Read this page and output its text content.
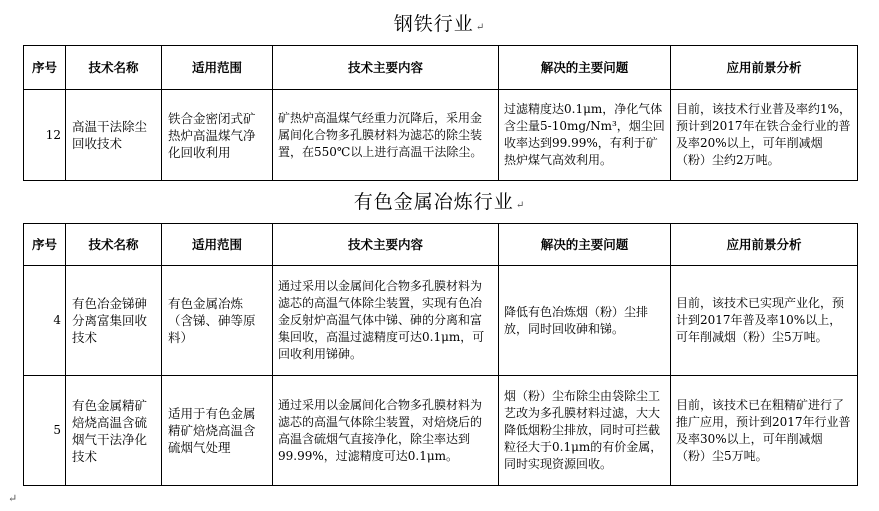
钢铁行业 ↵
序号	技术名称	适用范围	技术主要内容	解决的主要问题	应用前景分析
12	高温干法除尘回收技术	铁合金密闭式矿热炉高温煤气净化回收利用	矿热炉高温煤气经重力沉降后，采用金属间化合物多孔膜材料为滤芯的除尘装置，在550℃以上进行高温干法除尘。	过滤精度达0.1μm，净化气体含尘量5-10mg/Nm³，烟尘回收率达到99.99%，有利于矿热炉煤气高效利用。	目前，该技术行业普及率约1%，预计到2017年在铁合金行业的普及率20%以上，可年削减烟（粉）尘约2万吨。
有色金属冶炼行业 ↵
序号	技术名称	适用范围	技术主要内容	解决的主要问题	应用前景分析
4	有色冶金锑砷分离富集回收技术	有色金属冶炼（含锑、砷等原料）	通过采用以金属间化合物多孔膜材料为滤芯的高温气体除尘装置，实现有色冶金反射炉高温气体中锑、砷的分离和富集回收，高温过滤精度可达0.1μm，可回收利用锑砷。	降低有色冶炼烟（粉）尘排放，同时回收砷和锑。	目前，该技术已实现产业化，预计到2017年普及率10%以上，可年削减烟（粉）尘5万吨。
5	有色金属精矿焙烧高温含硫烟气干法净化技术	适用于有色金属精矿焙烧高温含硫烟气处理	通过采用以金属间化合物多孔膜材料为滤芯的高温气体除尘装置，对焙烧后的高温含硫烟气直接净化，除尘率达到99.99%，过滤精度可达0.1μm。	烟（粉）尘布除尘由袋除尘工艺改为多孔膜材料过滤，大大降低烟粉尘排放，同时可拦截粒径大于0.1μm的有价金属，同时实现资源回收。	目前，该技术已在粗精矿进行了推广应用，预计到2017年行业普及率30%以上，可年削减烟（粉）尘5万吨。
↵
